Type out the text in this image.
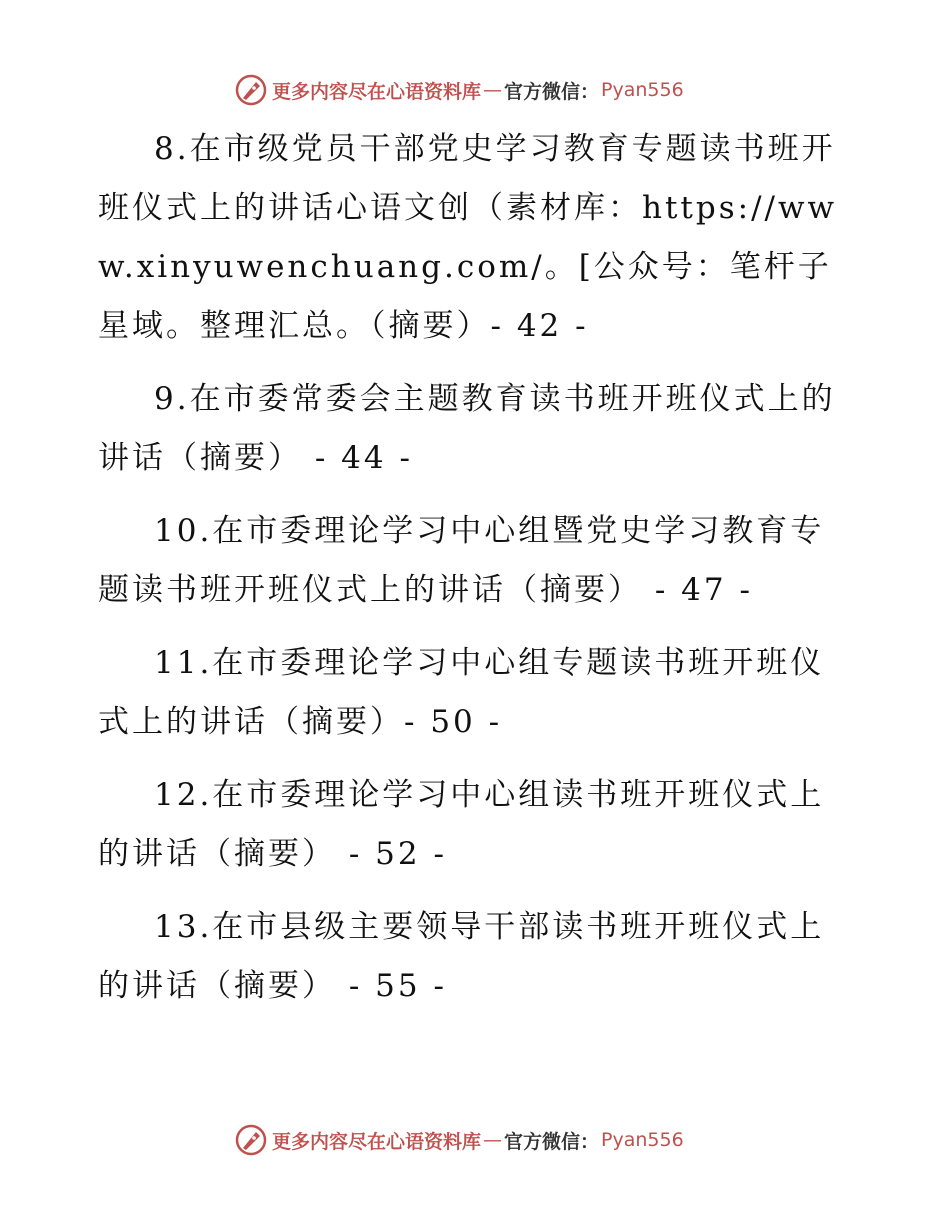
更多内容尽在心语资料库 — 官方微信： Pyan556

8.在市级党员干部党史学习教育专题读书班开班仪式上的讲话心语文创（素材库：https://www.xinyuwenchuang.com/。[公众号：笔杆子星域。整理汇总。（摘要）- 42 -

9.在市委常委会主题教育读书班开班仪式上的讲话（摘要） - 44 -

10.在市委理论学习中心组暨党史学习教育专题读书班开班仪式上的讲话（摘要） - 47 -

11.在市委理论学习中心组专题读书班开班仪式上的讲话（摘要）- 50 -

12.在市委理论学习中心组读书班开班仪式上的讲话（摘要） - 52 -

13.在市县级主要领导干部读书班开班仪式上的讲话（摘要） - 55 -

更多内容尽在心语资料库 — 官方微信： Pyan556
